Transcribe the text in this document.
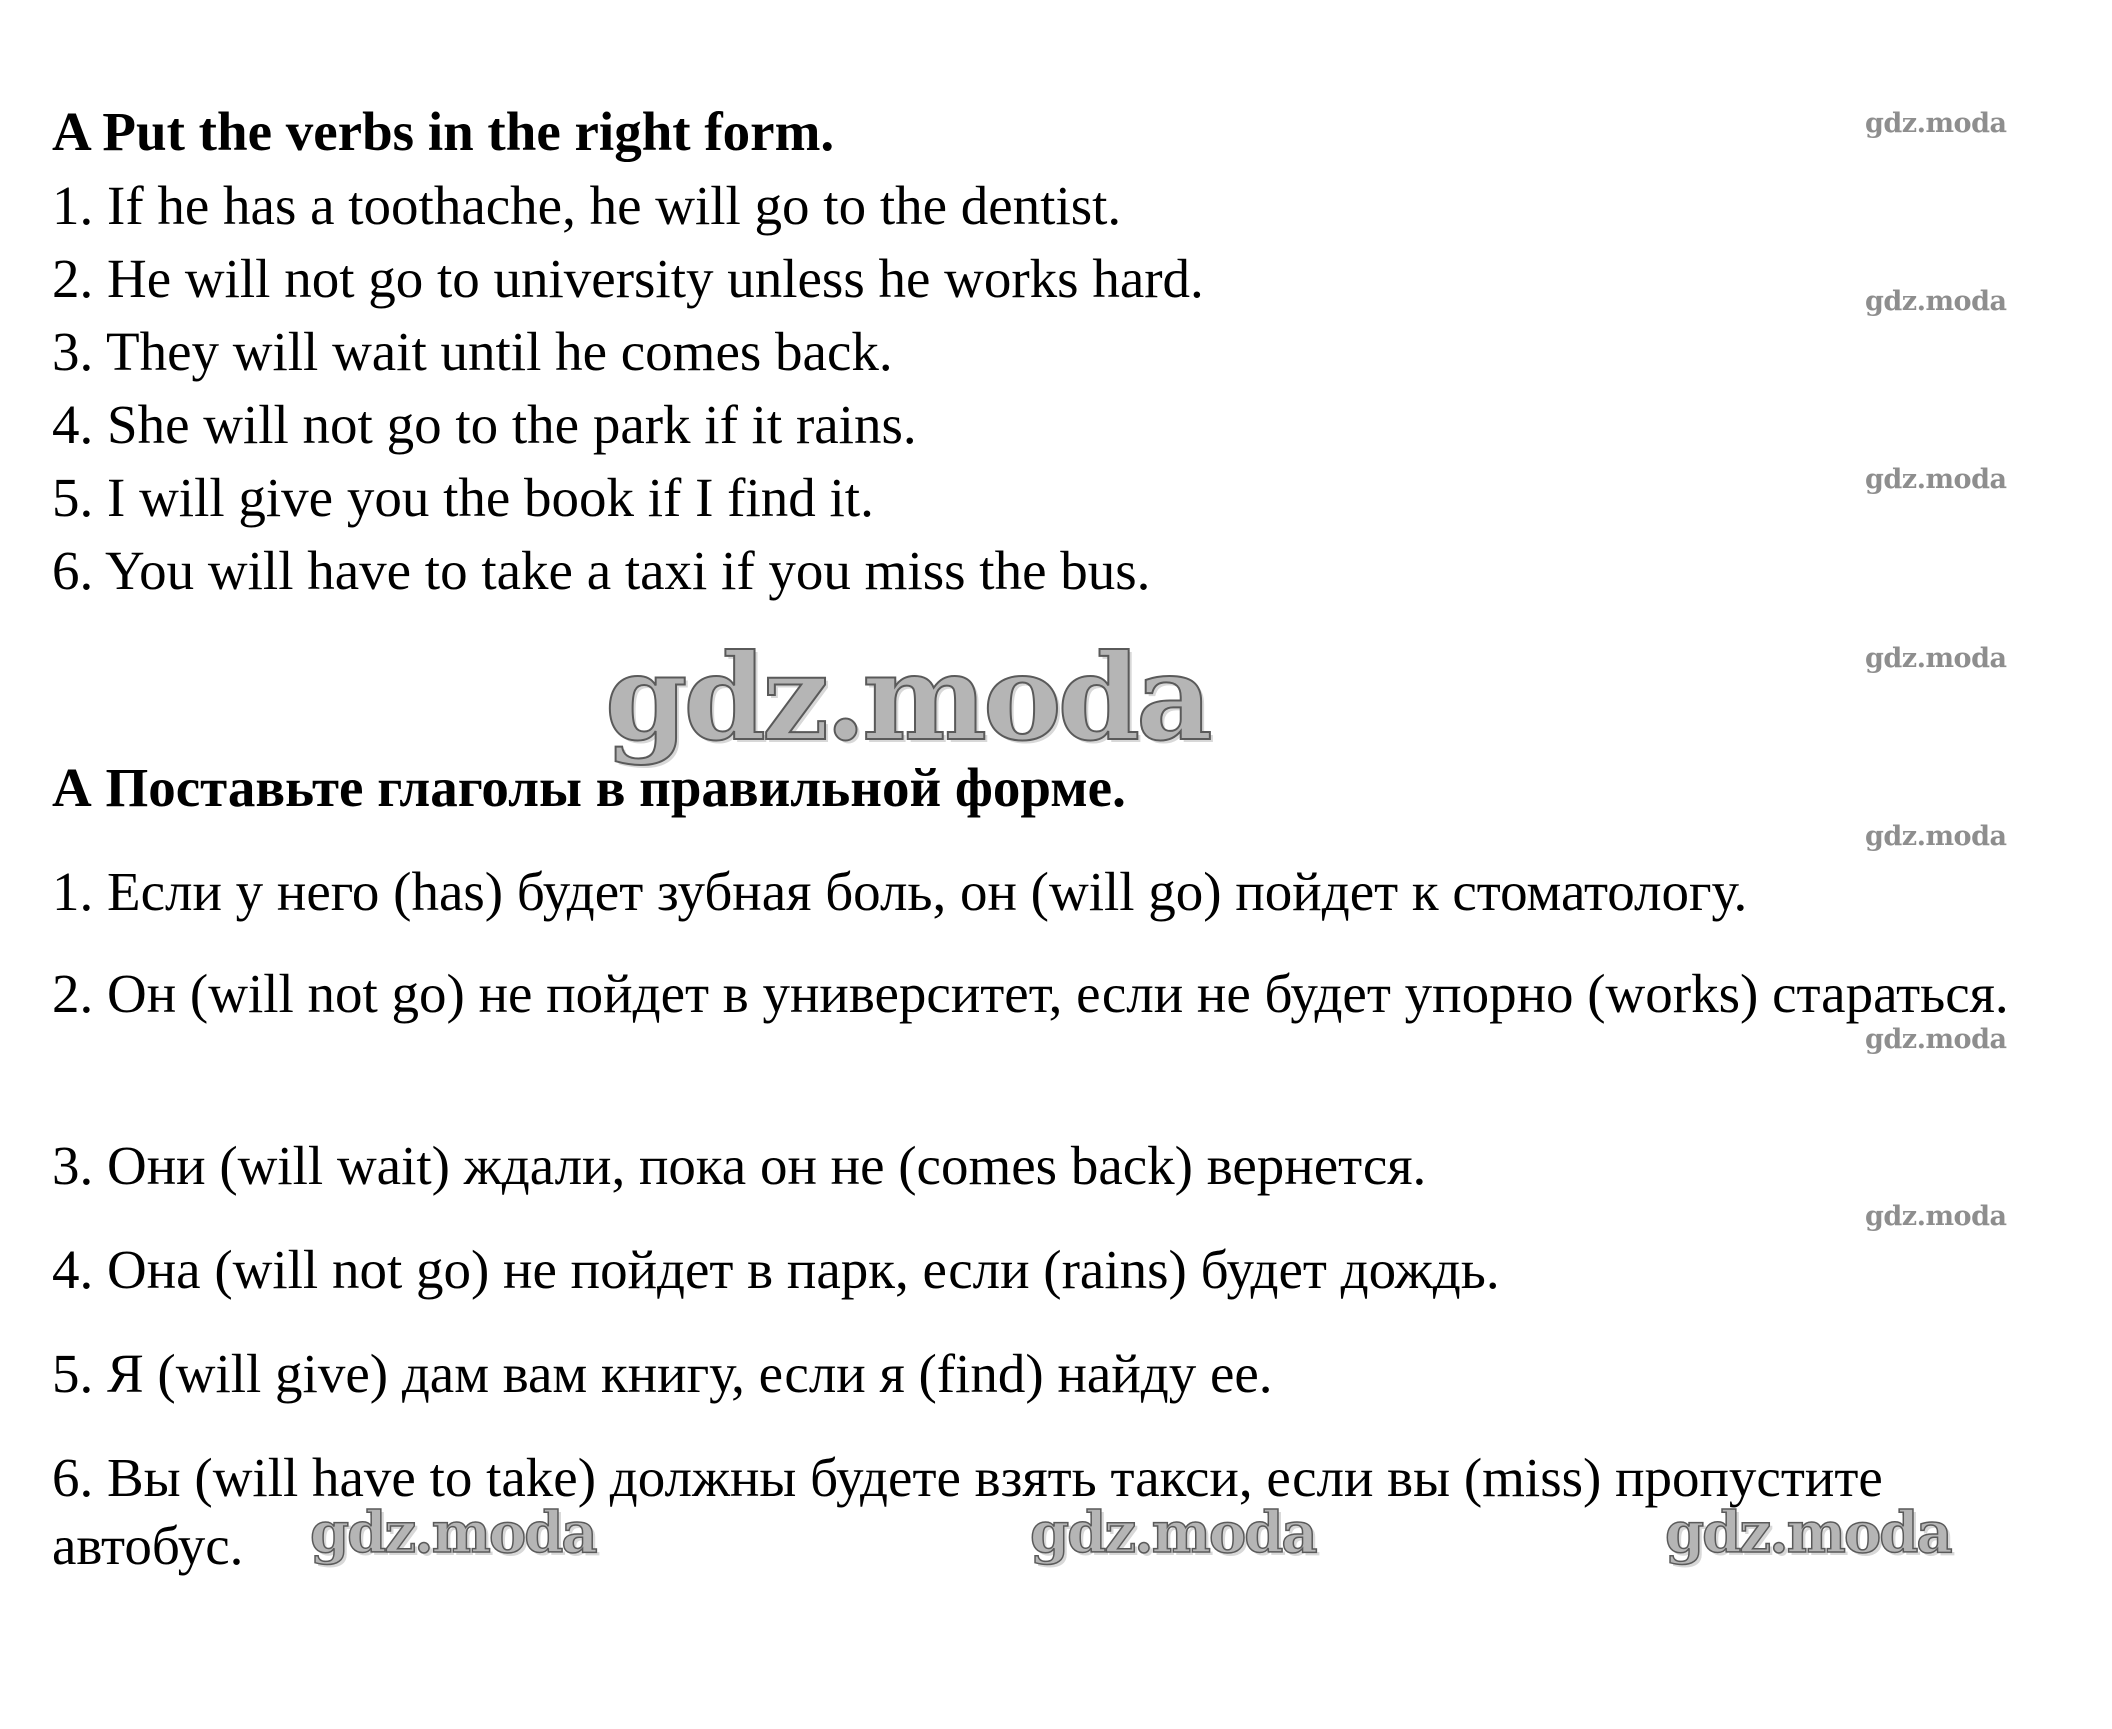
A Put the verbs in the right form.

1. If he has a toothache, he will go to the dentist.

2. He will not go to university unless he works hard.

3. They will wait until he comes back.

4. She will not go to the park if it rains.

5. I will give you the book if I find it.

6. You will have to take a taxi if you miss the bus.

gdz.moda
А Поставьте глаголы в правильной форме.

1. Если у него (has) будет зубная боль, он (will go) пойдет к стоматологу.

2. Он (will not go) не пойдет в университет, если не будет упорно (works) стараться.

3. Они (will wait) ждали, пока он не (comes back) вернется.

4. Она (will not go) не пойдет в парк, если (rains) будет дождь.

5. Я (will give) дам вам книгу, если я (find) найду ее.

6. Вы (will have to take) должны будете взять такси, если вы (miss) пропустите автобус.

gdz.moda
gdz.moda
gdz.moda
gdz.moda
gdz.moda
gdz.moda
gdz.moda
gdz.moda	gdz.moda	gdz.moda
